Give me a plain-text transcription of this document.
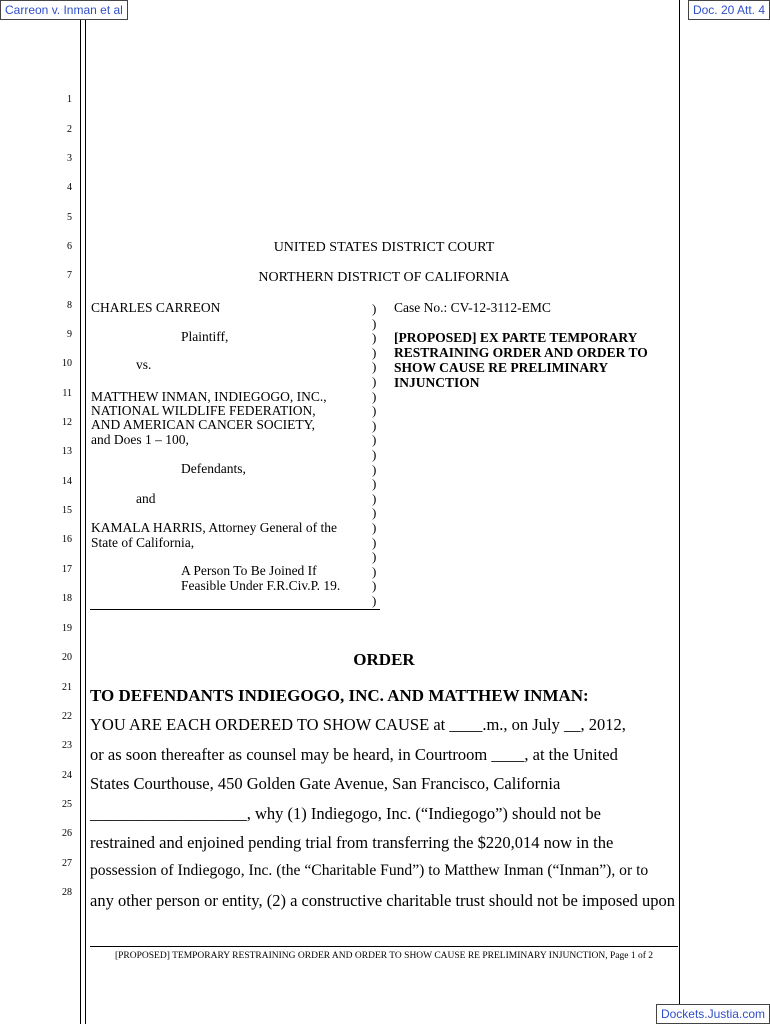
Carreon v. Inman et al	Doc. 20 Att. 4
1
2
3
4
5
6
7
8
9
10
11
12
13
14
15
16
17
18
19
20
21
22
23
24
25
26
27
28
UNITED STATES DISTRICT COURT
NORTHERN DISTRICT OF CALIFORNIA
CHARLES CARREON
Plaintiff,
vs.
MATTHEW INMAN, INDIEGOGO, INC.,
NATIONAL WILDLIFE FEDERATION,
AND AMERICAN CANCER SOCIETY,
and Does 1 – 100,
Defendants,
and
KAMALA HARRIS, Attorney General of the
State of California,
A Person To Be Joined If
Feasible Under F.R.Civ.P. 19.
)
)
)
)
)
)
)
)
)
)
)
)
)
)
)
)
)
)
)
)
)
Case No.: CV-12-3112-EMC
[PROPOSED] EX PARTE TEMPORARY RESTRAINING ORDER AND ORDER TO SHOW CAUSE RE PRELIMINARY INJUNCTION
ORDER
TO DEFENDANTS INDIEGOGO, INC. AND MATTHEW INMAN:
YOU ARE EACH ORDERED TO SHOW CAUSE at ____.m., on July __, 2012,
or as soon thereafter as counsel may be heard, in Courtroom ____, at the United
States Courthouse, 450 Golden Gate Avenue, San Francisco, California
___________________, why (1) Indiegogo, Inc. (“Indiegogo”) should not be
restrained and enjoined pending trial from transferring the $220,014 now in the
possession of Indiegogo, Inc. (the “Charitable Fund”) to Matthew Inman (“Inman”), or to
any other person or entity, (2) a constructive charitable trust should not be imposed upon
[PROPOSED] TEMPORARY RESTRAINING ORDER AND ORDER TO SHOW CAUSE RE PRELIMINARY INJUNCTION, Page 1 of 2
Dockets.Justia.com
